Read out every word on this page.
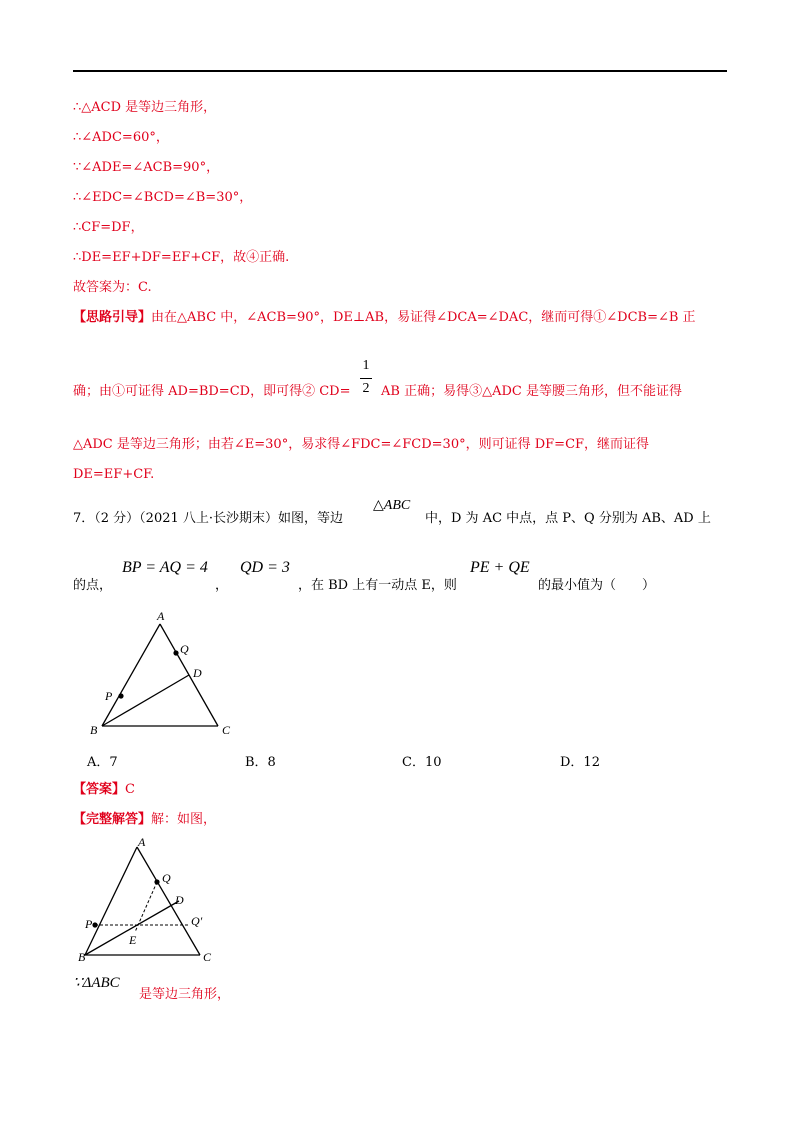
∴△ACD 是等边三角形，
∴∠ADC=60°，
∵∠ADE=∠ACB=90°，
∴∠EDC=∠BCD=∠B=30°，
∴CF=DF，
∴DE=EF+DF=EF+CF，故④正确.
故答案为：C.
【思路引导】由在△ABC 中，∠ACB=90°，DE⊥AB，易证得∠DCA=∠DAC，继而可得①∠DCB=∠B 正
确；由①可证得 AD=BD=CD，即可得② CD=
1
2 AB 正确；易得③△ADC 是等腰三角形，但不能证得
△ADC 是等边三角形；由若∠E=30°，易求得∠FDC=∠FCD=30°，则可证得 DF=CF，继而证得
DE=EF+CF.
7．（2 分）（2021 八上·长沙期末）如图，等边
△ABC
中，D 为 AC 中点，点 P、Q 分别为 AB、AD 上
的点，
BP = AQ = 4
，
QD = 3
，在 BD 上有一动点 E，则
PE + QE
的最小值为（　　）
A
B	C
D
P
Q
A．7	B．8	C．10	D．12
【答案】C
【完整解答】解：如图，
A
B	C
D
P
Q
Q′
E
∵ΔABC
是等边三角形，
